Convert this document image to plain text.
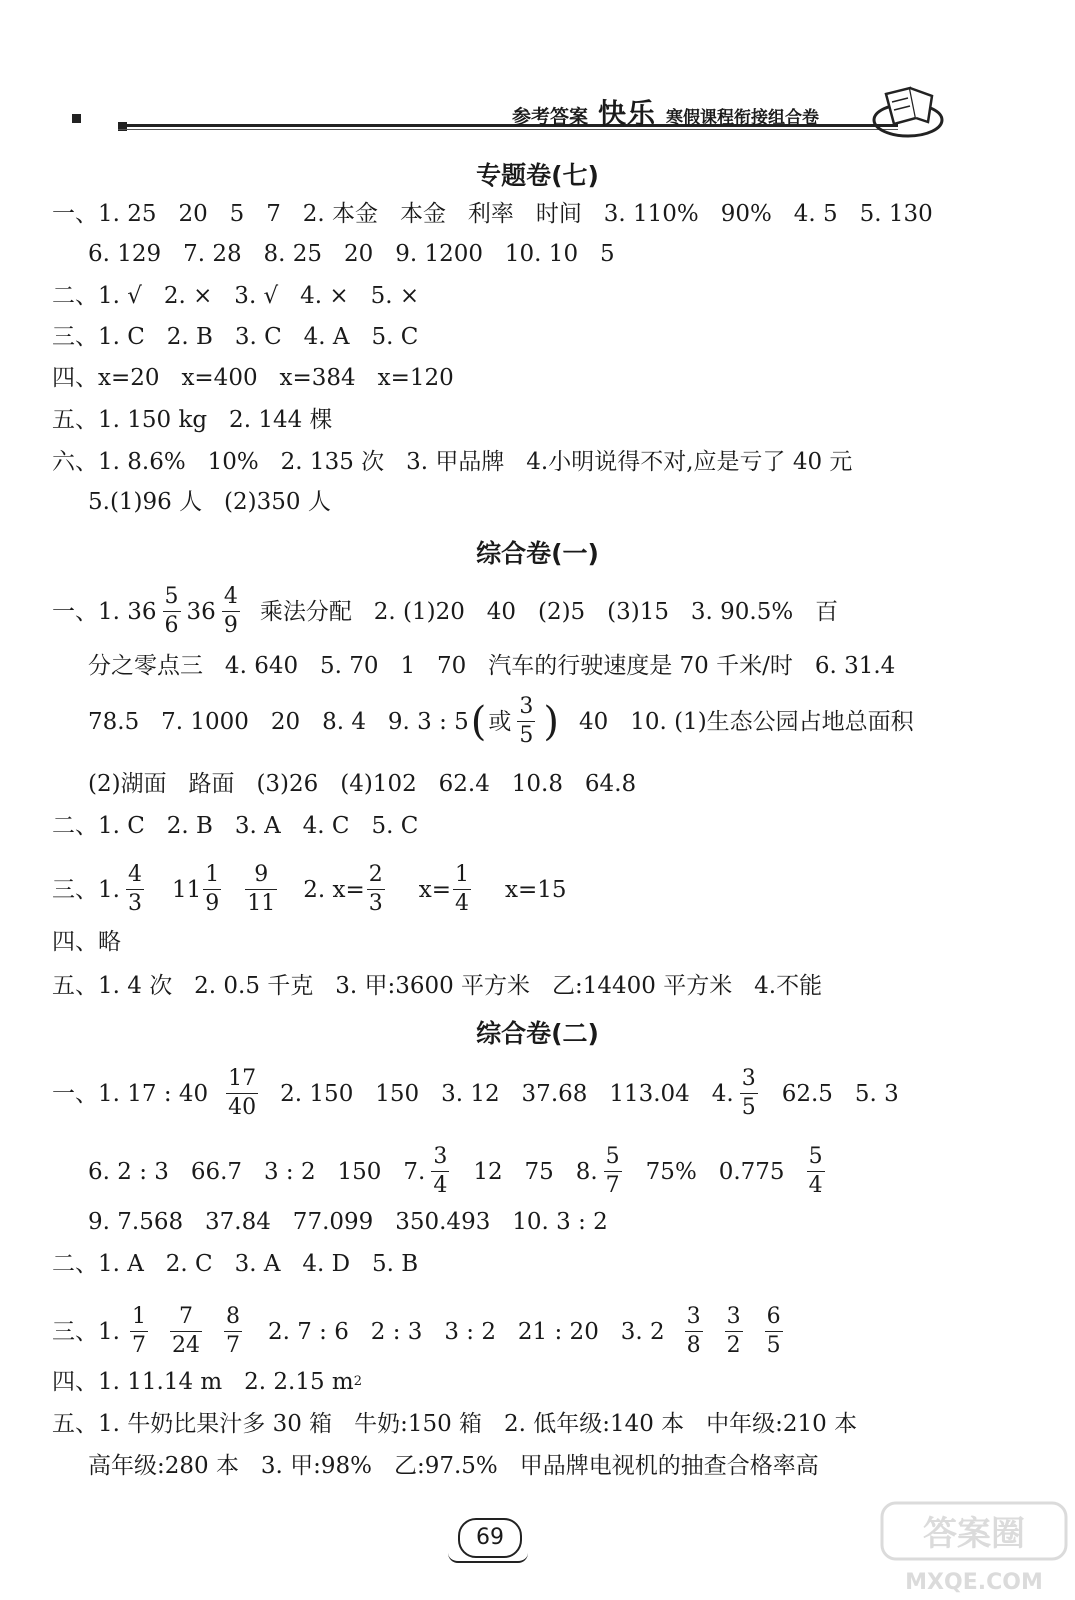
参考答案 快乐 寒假课程衔接组合卷
专题卷(七)
一、1. 25   20   5   7   2. 本金   本金   利率   时间   3. 110%   90%   4. 5   5. 130
6. 129   7. 28   8. 25   20   9. 1200   10. 10   5
二、1. √   2. ×   3. √   4. ×   5. ×
三、1. C   2. B   3. C   4. A   5. C
四、x=20   x=400   x=384   x=120
五、1. 150 kg   2. 144 棵
六、1. 8.6%   10%   2. 135 次   3. 甲品牌   4.小明说得不对,应是亏了 40 元
5.(1)96 人   (2)350 人
综合卷(一)
一、1. $36 \frac{5}{6} 36 \frac{4}{9}$ 乘法分配   2. (1)20   40   (2)5   (3)15   3. 90.5%   百
分之零点三   4. 640   5. 70   1   70   汽车的行驶速度是 70 千米/时   6. 31.4
78.5   7. 1000   20   8. 4   9. 3 : 5 ( 或 $\frac{3}{5}$ ) 40   10. (1)生态公园占地总面积
(2)湖面   路面   (3)26   (4)102   62.4   10.8   64.8
二、1. C   2. B   3. A   4. C   5. C
三、1. $\frac{4}{3} 11 \frac{1}{9} \frac{9}{11} 2$. $x= \frac{2}{3} x= \frac{1}{4} x=15$
四、略
五、1. 4 次   2. 0.5 千克   3. 甲:3600 平方米   乙:14400 平方米   4.不能
综合卷(二)
一、1. 17 : $40 \frac{17}{40} 2$. 150   150   3. 12   37.68   113.04   4. $\frac{3}{5} 62.5$   5. 3
6. 2 : 3   66.7   3 : 2   150   7. $\frac{3}{4} 12$   75   8. $\frac{5}{7} 75\%$   $0.775 \frac{5}{4}$
9. 7.568   37.84   77.099   350.493   10. 3 : 2
二、1. A   2. C   3. A   4. D   5. B
三、1. $\frac{1}{7} \frac{7}{24} \frac{8}{7} 2$. 7 : 6   2 : 3   3 : 2   21 : 20   3. $2 \frac{3}{8} \frac{3}{2} \frac{6}{5}$
四、1. 11.14 m   2. 2.15 m 2
五、1. 牛奶比果汁多 30 箱   牛奶:150 箱   2. 低年级:140 本   中年级:210 本
高年级:280 本   3. 甲:98%   乙:97.5%   甲品牌电视机的抽查合格率高
69	答案圈
MXQE.COM
